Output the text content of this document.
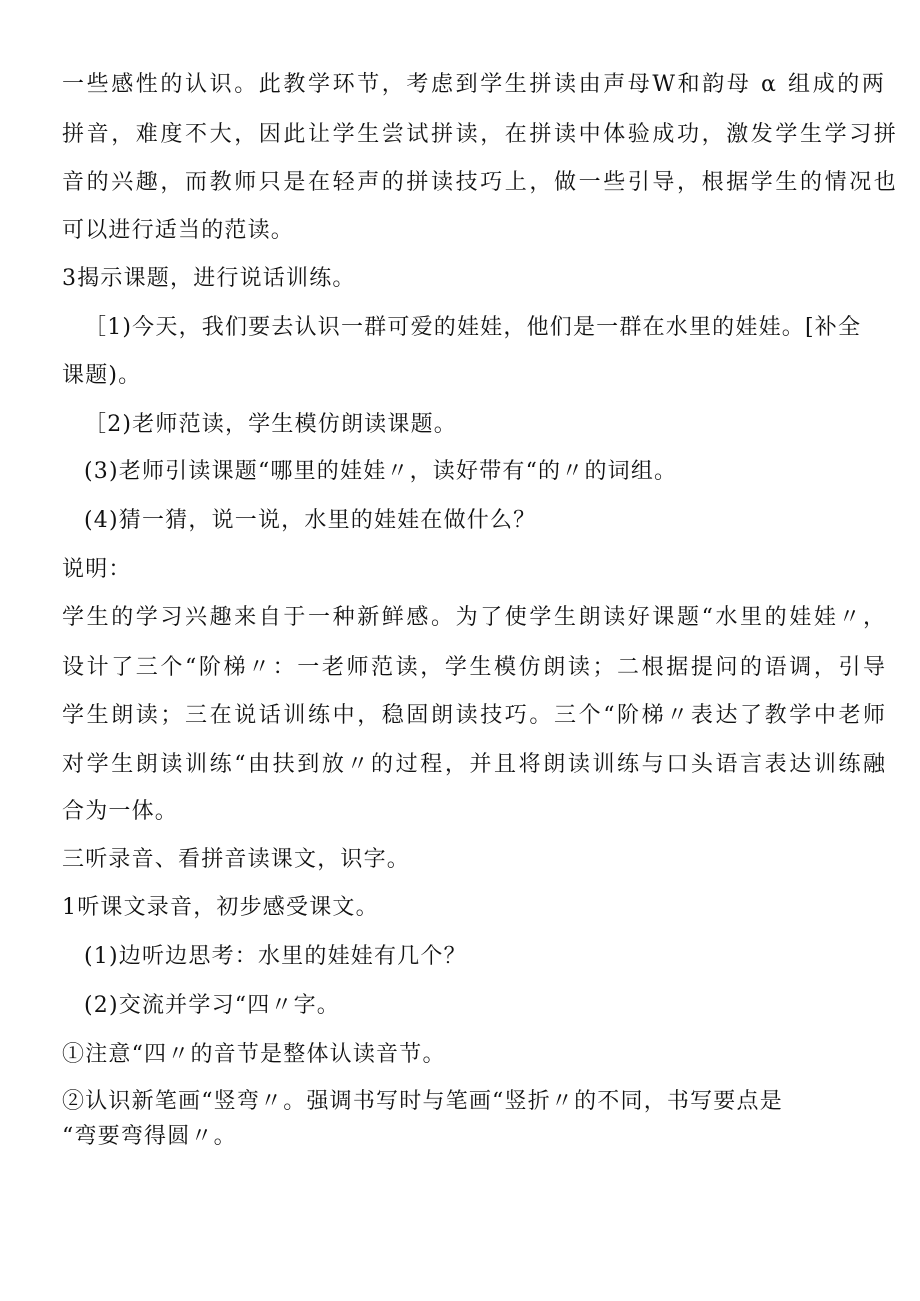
一些感性的认识。此教学环节，考虑到学生拼读由声母W和韵母 α 组成的两
拼音，难度不大，因此让学生尝试拼读，在拼读中体验成功，激发学生学习拼
音的兴趣，而教师只是在轻声的拼读技巧上，做一些引导，根据学生的情况也
可以进行适当的范读。
3揭示课题，进行说话训练。
［1)今天，我们要去认识一群可爱的娃娃，他们是一群在水里的娃娃。[补全
课题)。
［2)老师范读，学生模仿朗读课题。
(3)老师引读课题“哪里的娃娃〃，读好带有“的〃的词组。
(4)猜一猜，说一说，水里的娃娃在做什么？
说明：
学生的学习兴趣来自于一种新鲜感。为了使学生朗读好课题“水里的娃娃〃，
设计了三个“阶梯〃：一老师范读，学生模仿朗读；二根据提问的语调，引导
学生朗读；三在说话训练中，稳固朗读技巧。三个“阶梯〃表达了教学中老师
对学生朗读训练“由扶到放〃的过程，并且将朗读训练与口头语言表达训练融
合为一体。
三听录音、看拼音读课文，识字。
1听课文录音，初步感受课文。
(1)边听边思考：水里的娃娃有几个？
(2)交流并学习“四〃字。
①注意“四〃的音节是整体认读音节。
②认识新笔画“竖弯〃。强调书写时与笔画“竖折〃的不同，书写要点是
“弯要弯得圆〃。
